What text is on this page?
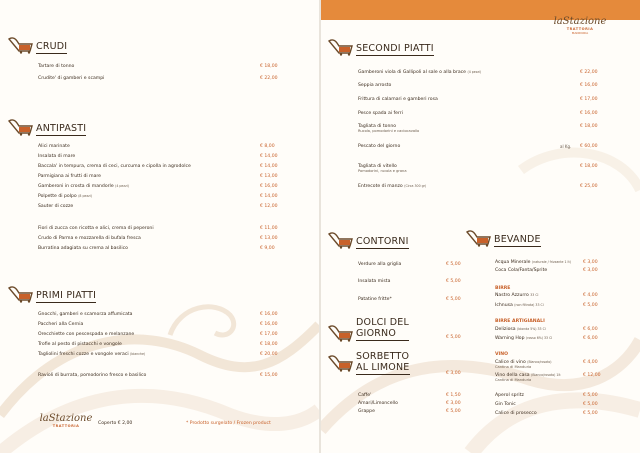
CRUDI
Tartare di tonno	€ 18,00
Crudite' di gamberi e scampi	€ 22,00
ANTIPASTI
Alici marinate	€ 8,00
Insalata di mare	€ 14,00
Baccala' in tempura, crema di ceci, curcuma e cipolla in agrodolce	€ 14,00
Parmigiana ai frutti di mare	€ 13,00
Gamberoni in crosta di mandorle (4 pezzi)	€ 16,00
Polpette di polpo (8 pezzi)	€ 14,00
Sauter di cozze	€ 12,00
Fiori di zucca con ricotta e alici, crema di peperoni	€ 11,00
Crudo di Parma e mozzarella di bufala fresca	€ 13,00
Burratina adagiata su crema al basilico	€ 9,00
PRIMI PIATTI
Gnocchi, gamberi e scamorza affumicata	€ 16,00
Paccheri alla Cernia	€ 16,00
Orecchiette con pescespada e melanzane	€ 17,00
Trofie al pesto di pistacchi e vongole	€ 18,00
Tagliolini freschi cozze e vongole veraci (bianche)	€ 20,00
Ravioli di burrata, pomodorino fresco e basilico	€ 15,00
laStazione
TRATTORIA	Coperto € 2,00	* Prodotto surgelato / Frozen product
laStazione
TRATTORIA
MANDURIA
SECONDI PIATTI
Gamberoni viola di Gallipoli al sale o alla brace (4 pezzi)	€ 22,00
Seppia arrosto	€ 16,00
Frittura di calamari e gamberi rosa	€ 17,00
Pesce spada ai ferri	€ 16,00
Tagliata di tonno
Rucola, pomodorini e caciocavallo
€ 18,00
Pescato del giorno	al Kg. € 60,00
Tagliata di vitello
Pomodorini, rucola e grana
€ 18,00
Entrecote di manzo (Circa 300 gr)	€ 25,00
CONTORNI
Verdure alla griglia	€ 5,00
Insalata mista	€ 5,00
Patatine fritte*	€ 5,00
DOLCI DEL
GIORNO	€ 5,00
SORBETTO
AL LIMONE
€ 3,00
Caffe'	€ 1,50
Amari/Limoncello	€ 3,00
Grappe	€ 5,00
BEVANDE
Acqua Minerale (naturale / frizzante 1 lt)	€ 3,00
Coca Cola/Fanta/Sprite	€ 3,00
BIRRE
Nastro Azzurro 33 Cl	€ 4,00
Ichnusa (non filtrata) 33 Cl	€ 5,00
BIRRE ARTIGIANALI
Deliziosa (bionda 5%) 33 Cl	€ 6,00
Warning Hop (rosso 6%) 33 Cl	€ 6,00
VINO
Calice di vino (Bianco/rosato)
Cantina di Manduria
€ 4,00
Vino della casa (Bianco/rosato) 1lt
Cantina di Manduria
€ 12,00
Aperol spritz	€ 5,00
Gin Tonic	€ 5,00
Calice di prosecco	€ 5,00
